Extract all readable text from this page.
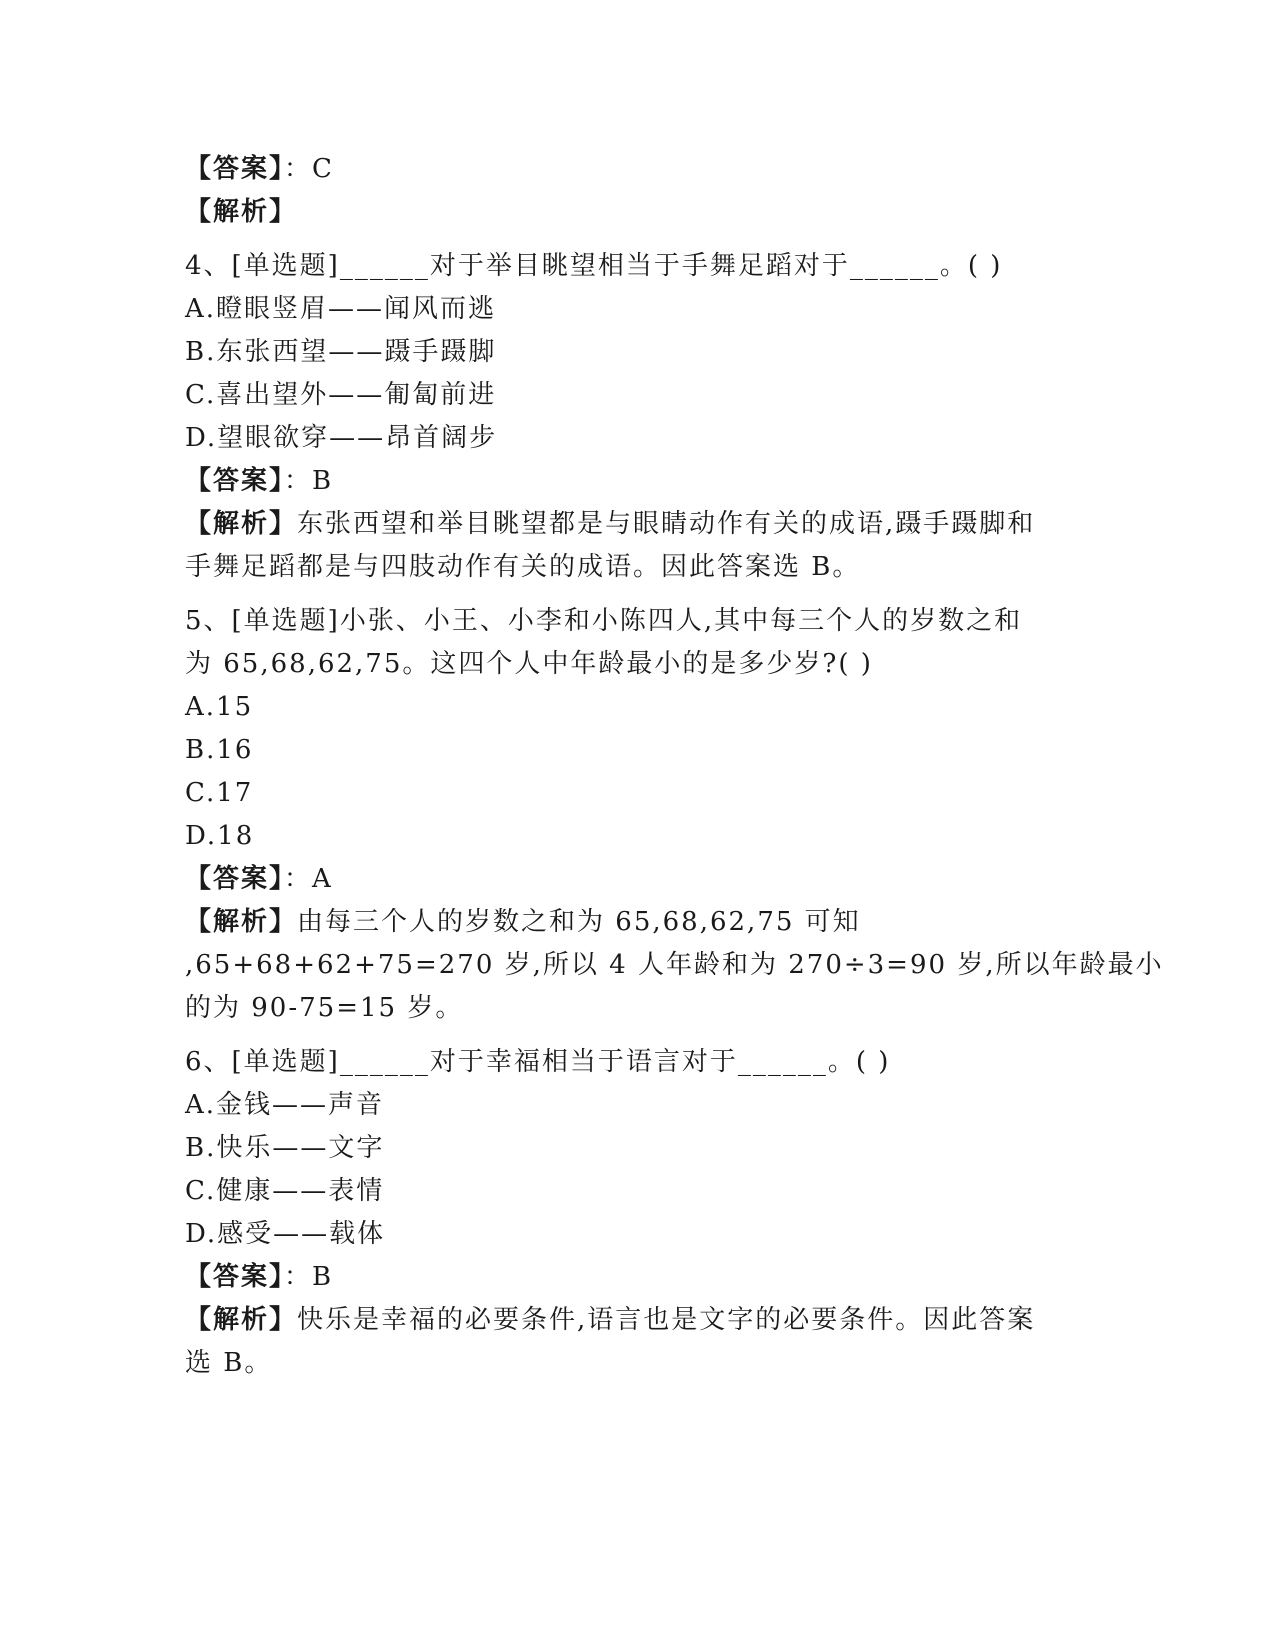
【答案】：C
【解析】
4、[单选题]______对于举目眺望相当于手舞足蹈对于______。( )
A.瞪眼竖眉——闻风而逃
B.东张西望——蹑手蹑脚
C.喜出望外——匍匐前进
D.望眼欲穿——昂首阔步
【答案】：B
【解析】东张西望和举目眺望都是与眼睛动作有关的成语,蹑手蹑脚和
手舞足蹈都是与四肢动作有关的成语。因此答案选 B。
5、[单选题]小张、小王、小李和小陈四人,其中每三个人的岁数之和
为 65,68,62,75。这四个人中年龄最小的是多少岁?( )
A.15
B.16
C.17
D.18
【答案】：A
【解析】由每三个人的岁数之和为 65,68,62,75 可知
,65+68+62+75=270 岁,所以 4 人年龄和为 270÷3=90 岁,所以年龄最小
的为 90-75=15 岁。
6、[单选题]______对于幸福相当于语言对于______。( )
A.金钱——声音
B.快乐——文字
C.健康——表情
D.感受——载体
【答案】：B
【解析】快乐是幸福的必要条件,语言也是文字的必要条件。因此答案
选 B。
